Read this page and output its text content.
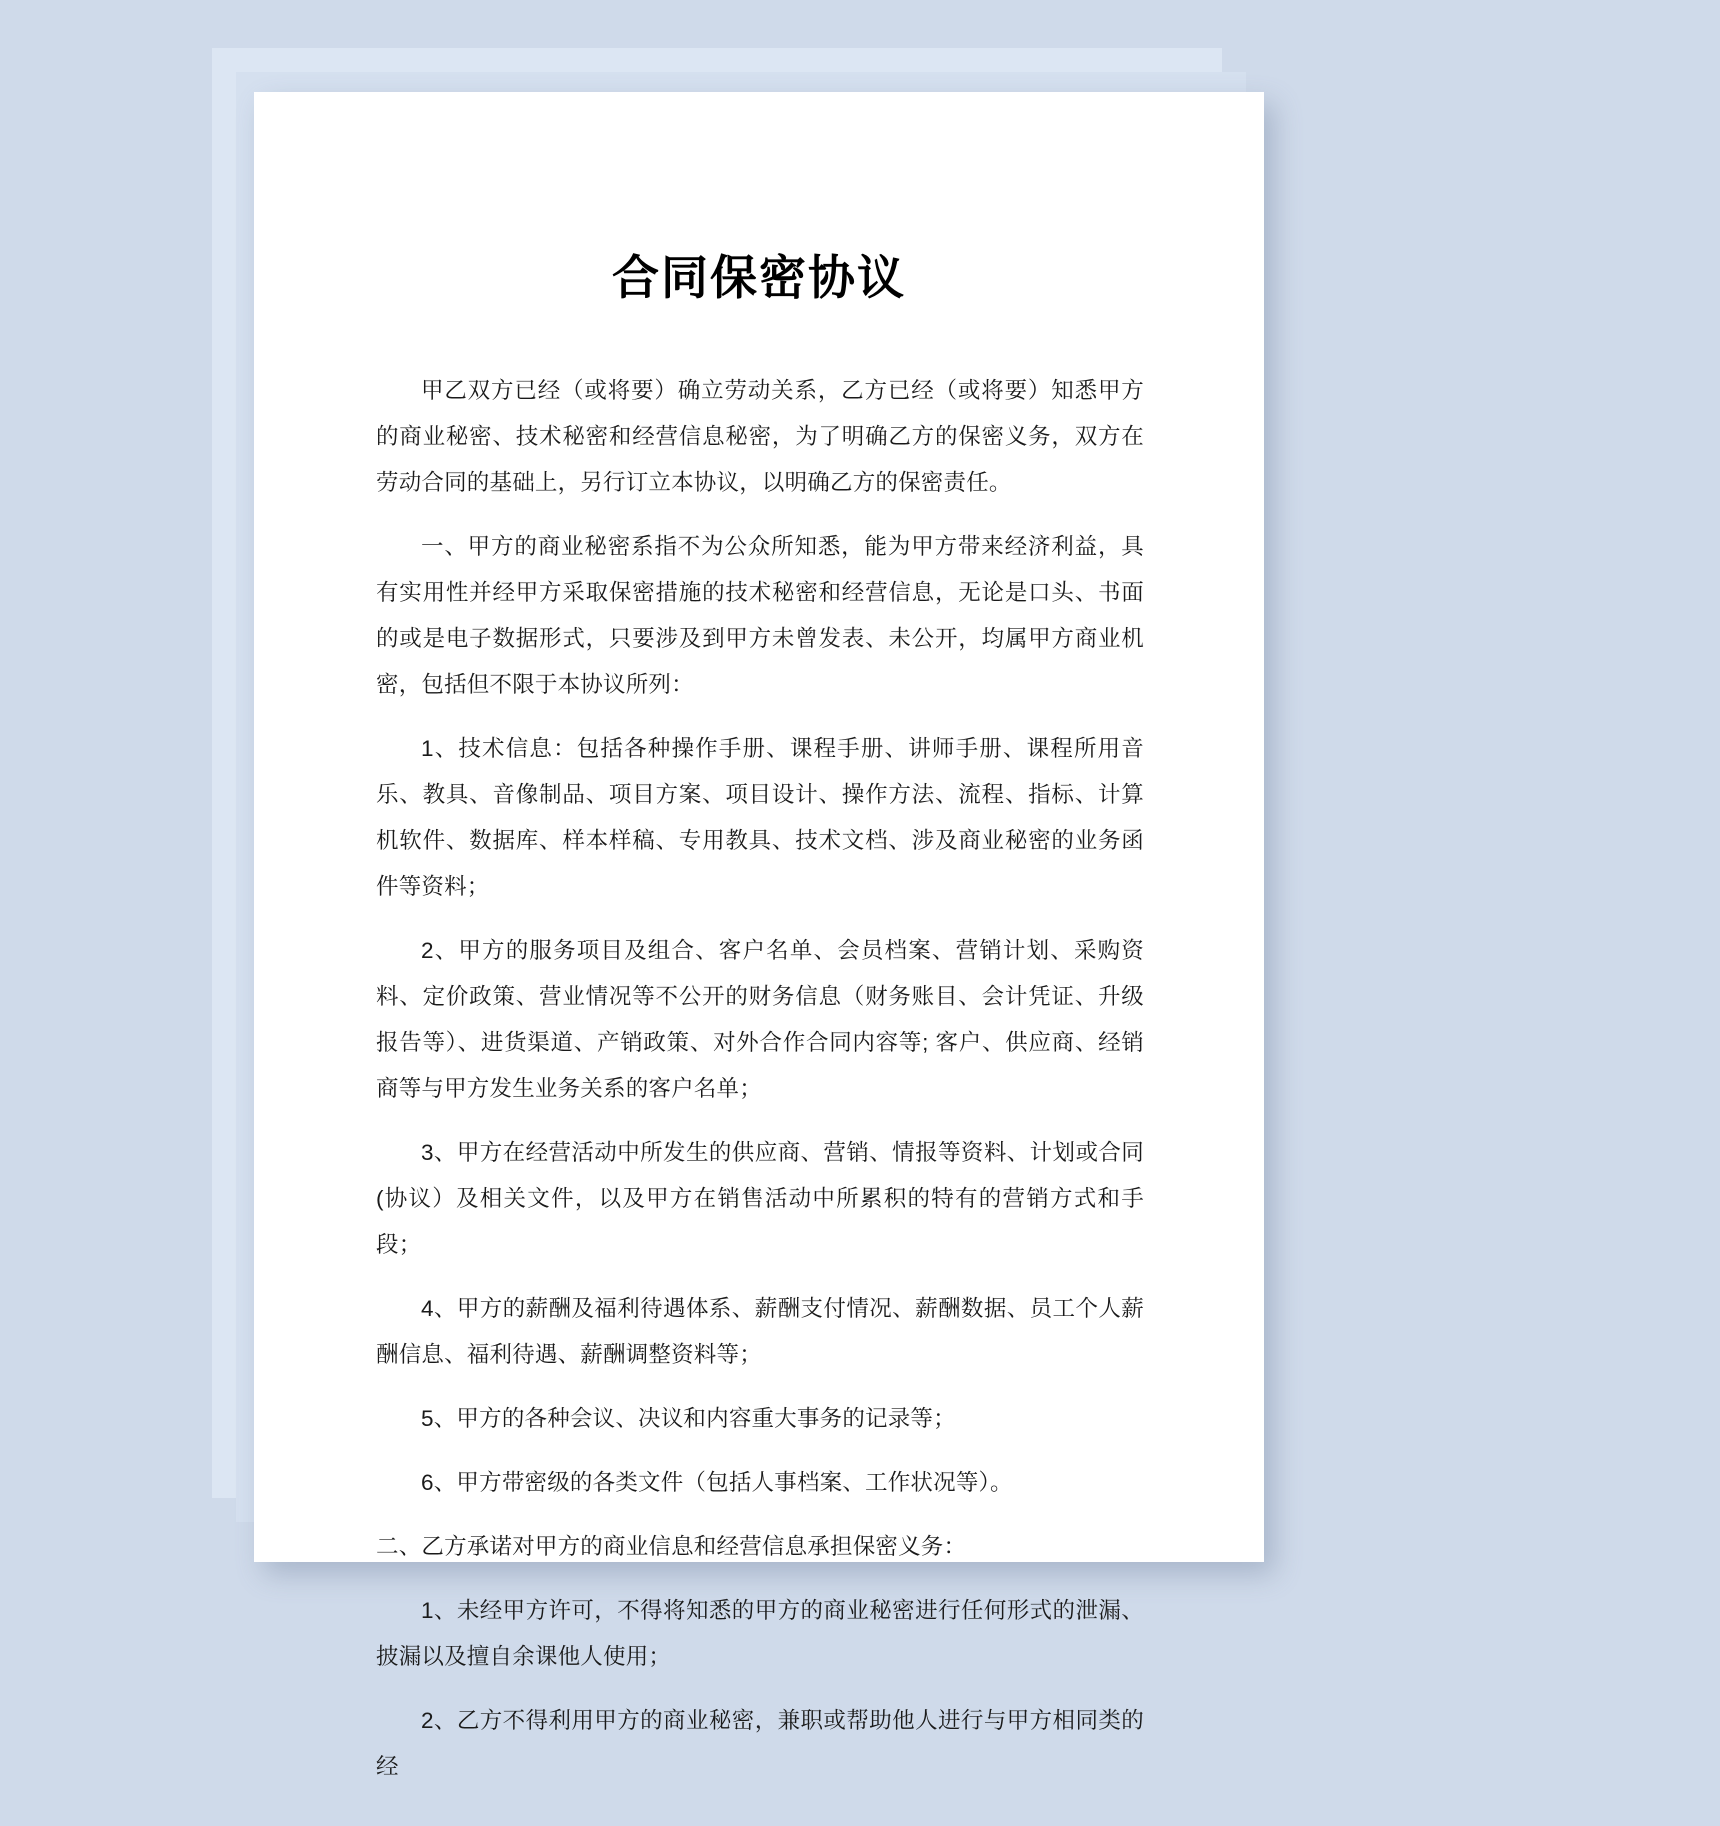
合同保密协议

甲乙双方已经（或将要）确立劳动关系，乙方已经（或将要）知悉甲方的商业秘密、技术秘密和经营信息秘密，为了明确乙方的保密义务，双方在劳动合同的基础上，另行订立本协议，以明确乙方的保密责任。

一、甲方的商业秘密系指不为公众所知悉，能为甲方带来经济利益，具有实用性并经甲方采取保密措施的技术秘密和经营信息，无论是口头、书面的或是电子数据形式，只要涉及到甲方未曾发表、未公开，均属甲方商业机密，包括但不限于本协议所列：

1、技术信息：包括各种操作手册、课程手册、讲师手册、课程所用音乐、教具、音像制品、项目方案、项目设计、操作方法、流程、指标、计算机软件、数据库、样本样稿、专用教具、技术文档、涉及商业秘密的业务函件等资料；

2、甲方的服务项目及组合、客户名单、会员档案、营销计划、采购资料、定价政策、营业情况等不公开的财务信息（财务账目、会计凭证、升级报告等）、进货渠道、产销政策、对外合作合同内容等; 客户、供应商、经销商等与甲方发生业务关系的客户名单；

3、甲方在经营活动中所发生的供应商、营销、情报等资料、计划或合同 (协议）及相关文件，以及甲方在销售活动中所累积的特有的营销方式和手段；

4、甲方的薪酬及福利待遇体系、薪酬支付情况、薪酬数据、员工个人薪酬信息、福利待遇、薪酬调整资料等；

5、甲方的各种会议、决议和内容重大事务的记录等；

6、甲方带密级的各类文件（包括人事档案、工作状况等）。

二、乙方承诺对甲方的商业信息和经营信息承担保密义务：

1、未经甲方许可，不得将知悉的甲方的商业秘密进行任何形式的泄漏、披漏以及擅自余课他人使用；

2、乙方不得利用甲方的商业秘密，兼职或帮助他人进行与甲方相同类的经
